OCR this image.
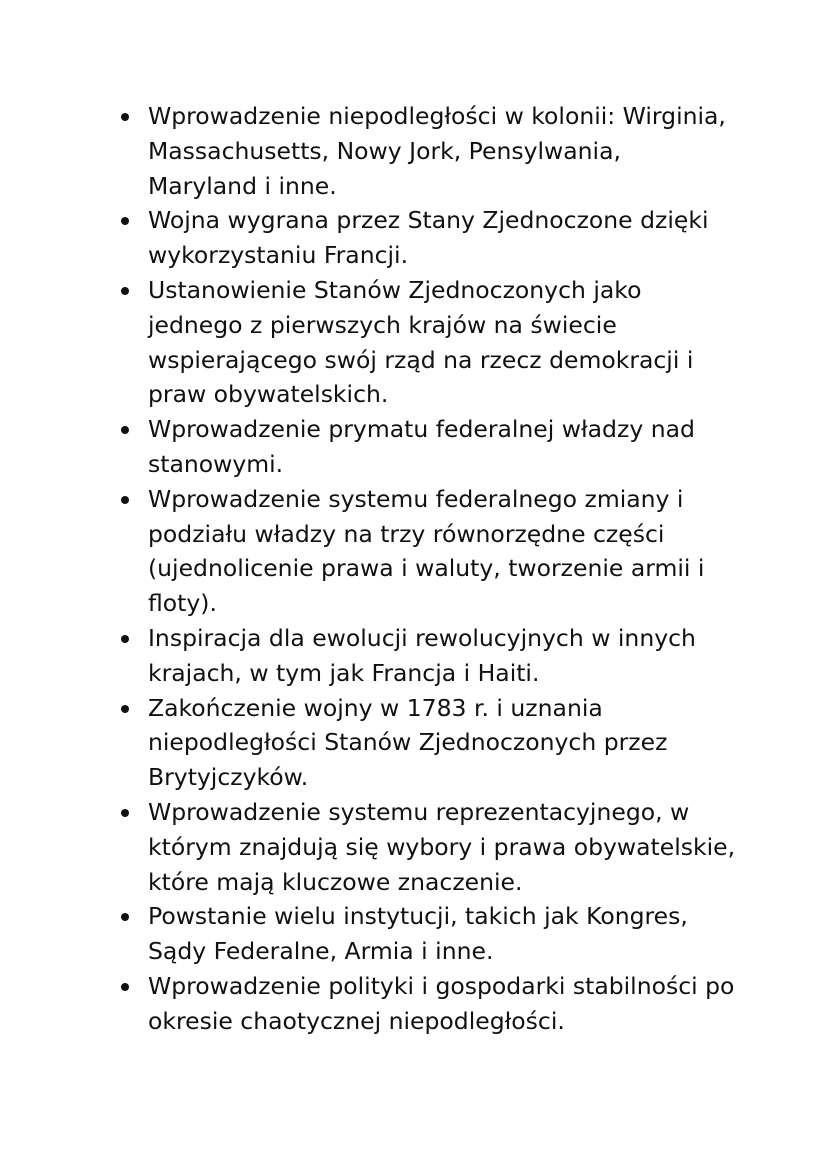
Wprowadzenie niepodległości w kolonii: Wirginia,
Massachusetts, Nowy Jork, Pensylwania,
Maryland i inne.
Wojna wygrana przez Stany Zjednoczone dzięki
wykorzystaniu Francji.
Ustanowienie Stanów Zjednoczonych jako
jednego z pierwszych krajów na świecie
wspierającego swój rząd na rzecz demokracji i
praw obywatelskich.
Wprowadzenie prymatu federalnej władzy nad
stanowymi.
Wprowadzenie systemu federalnego zmiany i
podziału władzy na trzy równorzędne części
(ujednolicenie prawa i waluty, tworzenie armii i
floty).
Inspiracja dla ewolucji rewolucyjnych w innych
krajach, w tym jak Francja i Haiti.
Zakończenie wojny w 1783 r. i uznania
niepodległości Stanów Zjednoczonych przez
Brytyjczyków.
Wprowadzenie systemu reprezentacyjnego, w
którym znajdują się wybory i prawa obywatelskie,
które mają kluczowe znaczenie.
Powstanie wielu instytucji, takich jak Kongres,
Sądy Federalne, Armia i inne.
Wprowadzenie polityki i gospodarki stabilności po
okresie chaotycznej niepodległości.
